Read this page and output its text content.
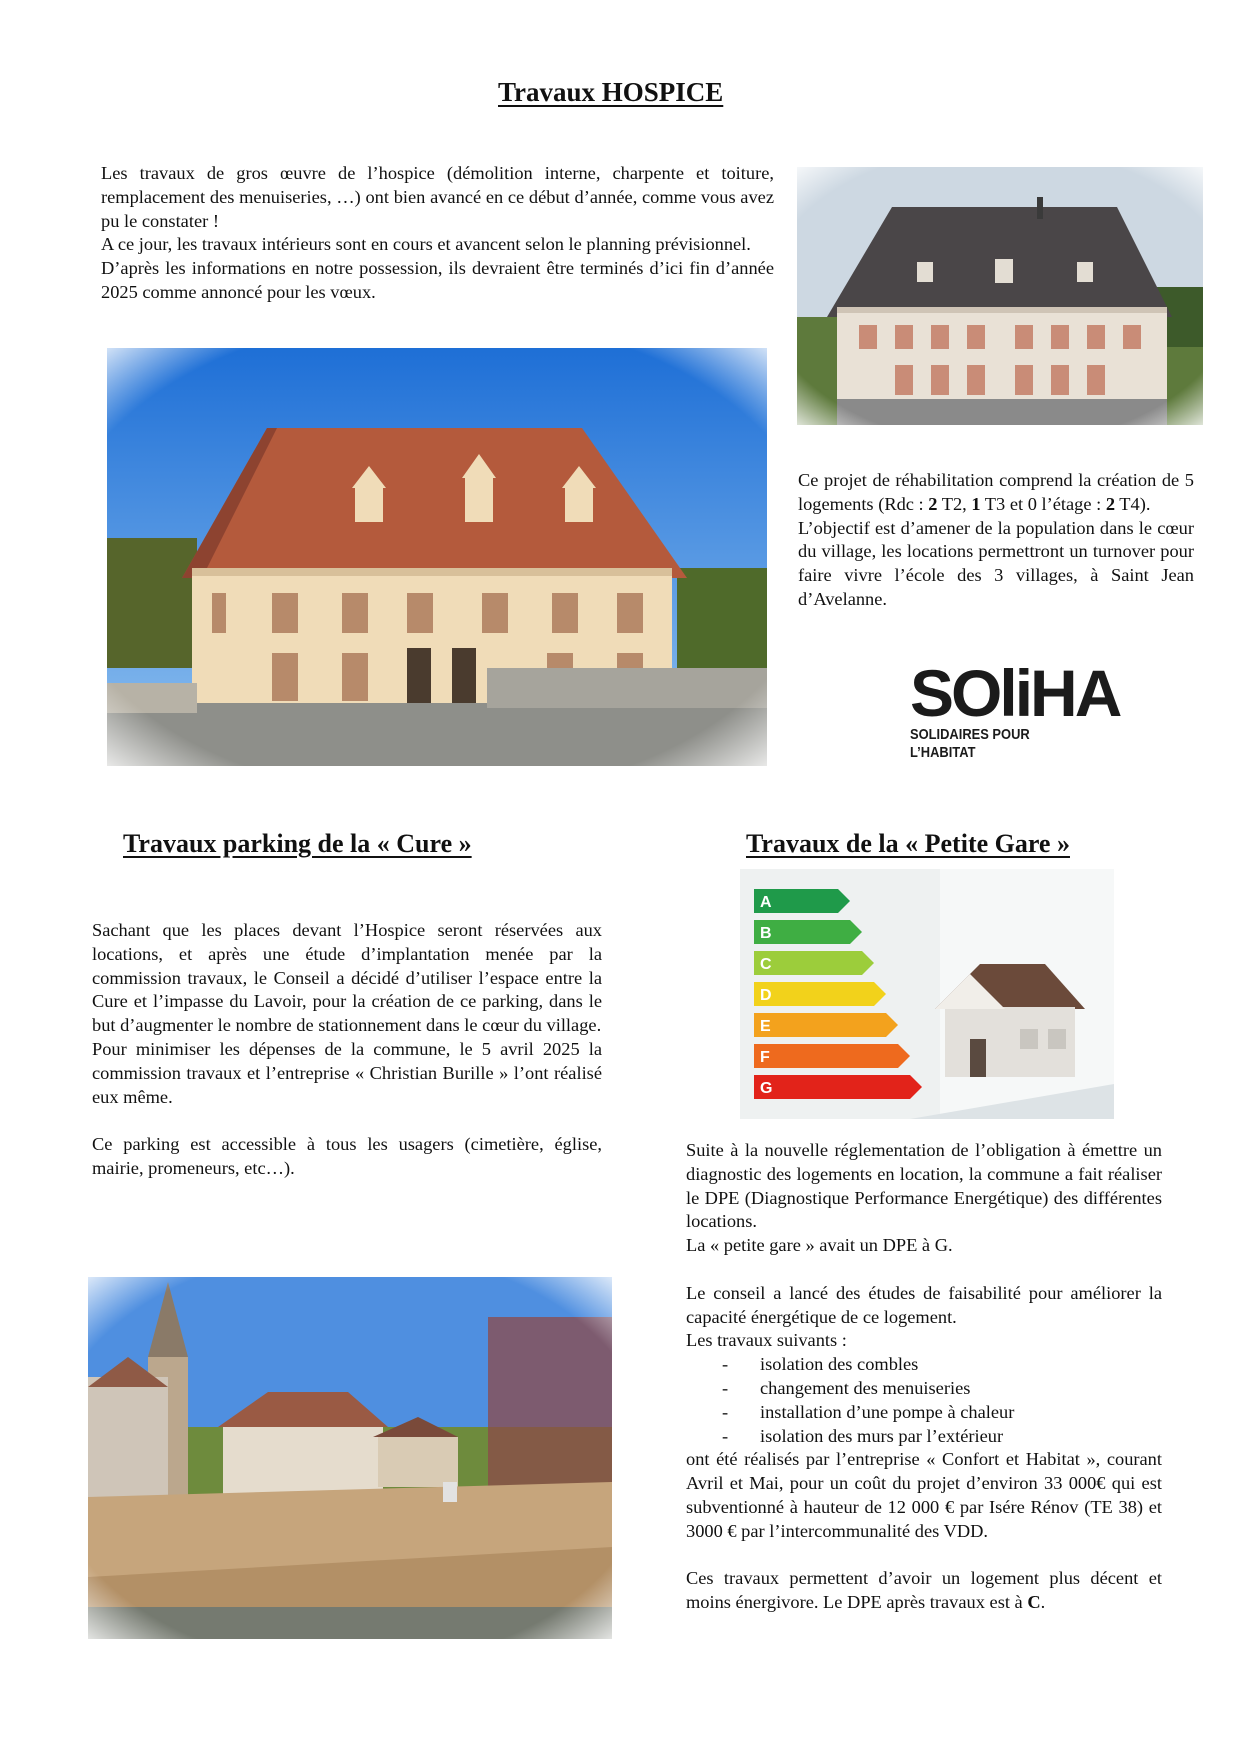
Travaux HOSPICE

Les travaux de gros œuvre de l’hospice (démolition interne, charpente et toiture, remplacement des menuiseries, …) ont bien avancé en ce début d’année, comme vous avez pu le constater !

A ce jour, les travaux intérieurs sont en cours et avancent selon le planning prévisionnel.

D’après les informations en notre possession, ils devraient être terminés d’ici fin d’année 2025 comme annoncé pour les vœux.

Ce projet de réhabilitation comprend la création de 5 logements (Rdc : 2 T2, 1 T3 et 0 l’étage : 2 T4).

L’objectif est d’amener de la population dans le cœur du village, les locations permettront un turnover pour faire vivre l’école des 3 villages, à Saint Jean d’Avelanne.

SOliHA
SOLIDAIRES POUR L’HABITAT
Travaux parking de la « Cure »

Sachant que les places devant l’Hospice seront réservées aux locations, et après une étude d’implantation menée par la commission travaux, le Conseil a décidé d’utiliser l’espace entre la Cure et l’impasse du Lavoir, pour la création de ce parking, dans le but d’augmenter le nombre de stationnement dans le cœur du village.

Pour minimiser les dépenses de la commune, le 5 avril 2025 la commission travaux et l’entreprise « Christian Burille » l’ont réalisé eux même.

Ce parking est accessible à tous les usagers (cimetière, église, mairie, promeneurs, etc…).

Travaux de la « Petite Gare »
A
B
C
D
E
F
G

Suite à la nouvelle réglementation de l’obligation à émettre un diagnostic des logements en location, la commune a fait réaliser le DPE (Diagnostique Performance Energétique) des différentes locations.

La « petite gare » avait un DPE à G.

Le conseil a lancé des études de faisabilité pour améliorer la capacité énergétique de ce logement.

Les travaux suivants :

- isolation des combles
- changement des menuiseries
- installation d’une pompe à chaleur
- isolation des murs par l’extérieur

ont été réalisés par l’entreprise « Confort et Habitat », courant Avril et Mai, pour un coût du projet d’environ 33 000€ qui est subventionné à hauteur de 12 000 € par Isére Rénov (TE 38) et 3000 € par l’intercommunalité des VDD.

Ces travaux permettent d’avoir un logement plus décent et moins énergivore. Le DPE après travaux est à C.
